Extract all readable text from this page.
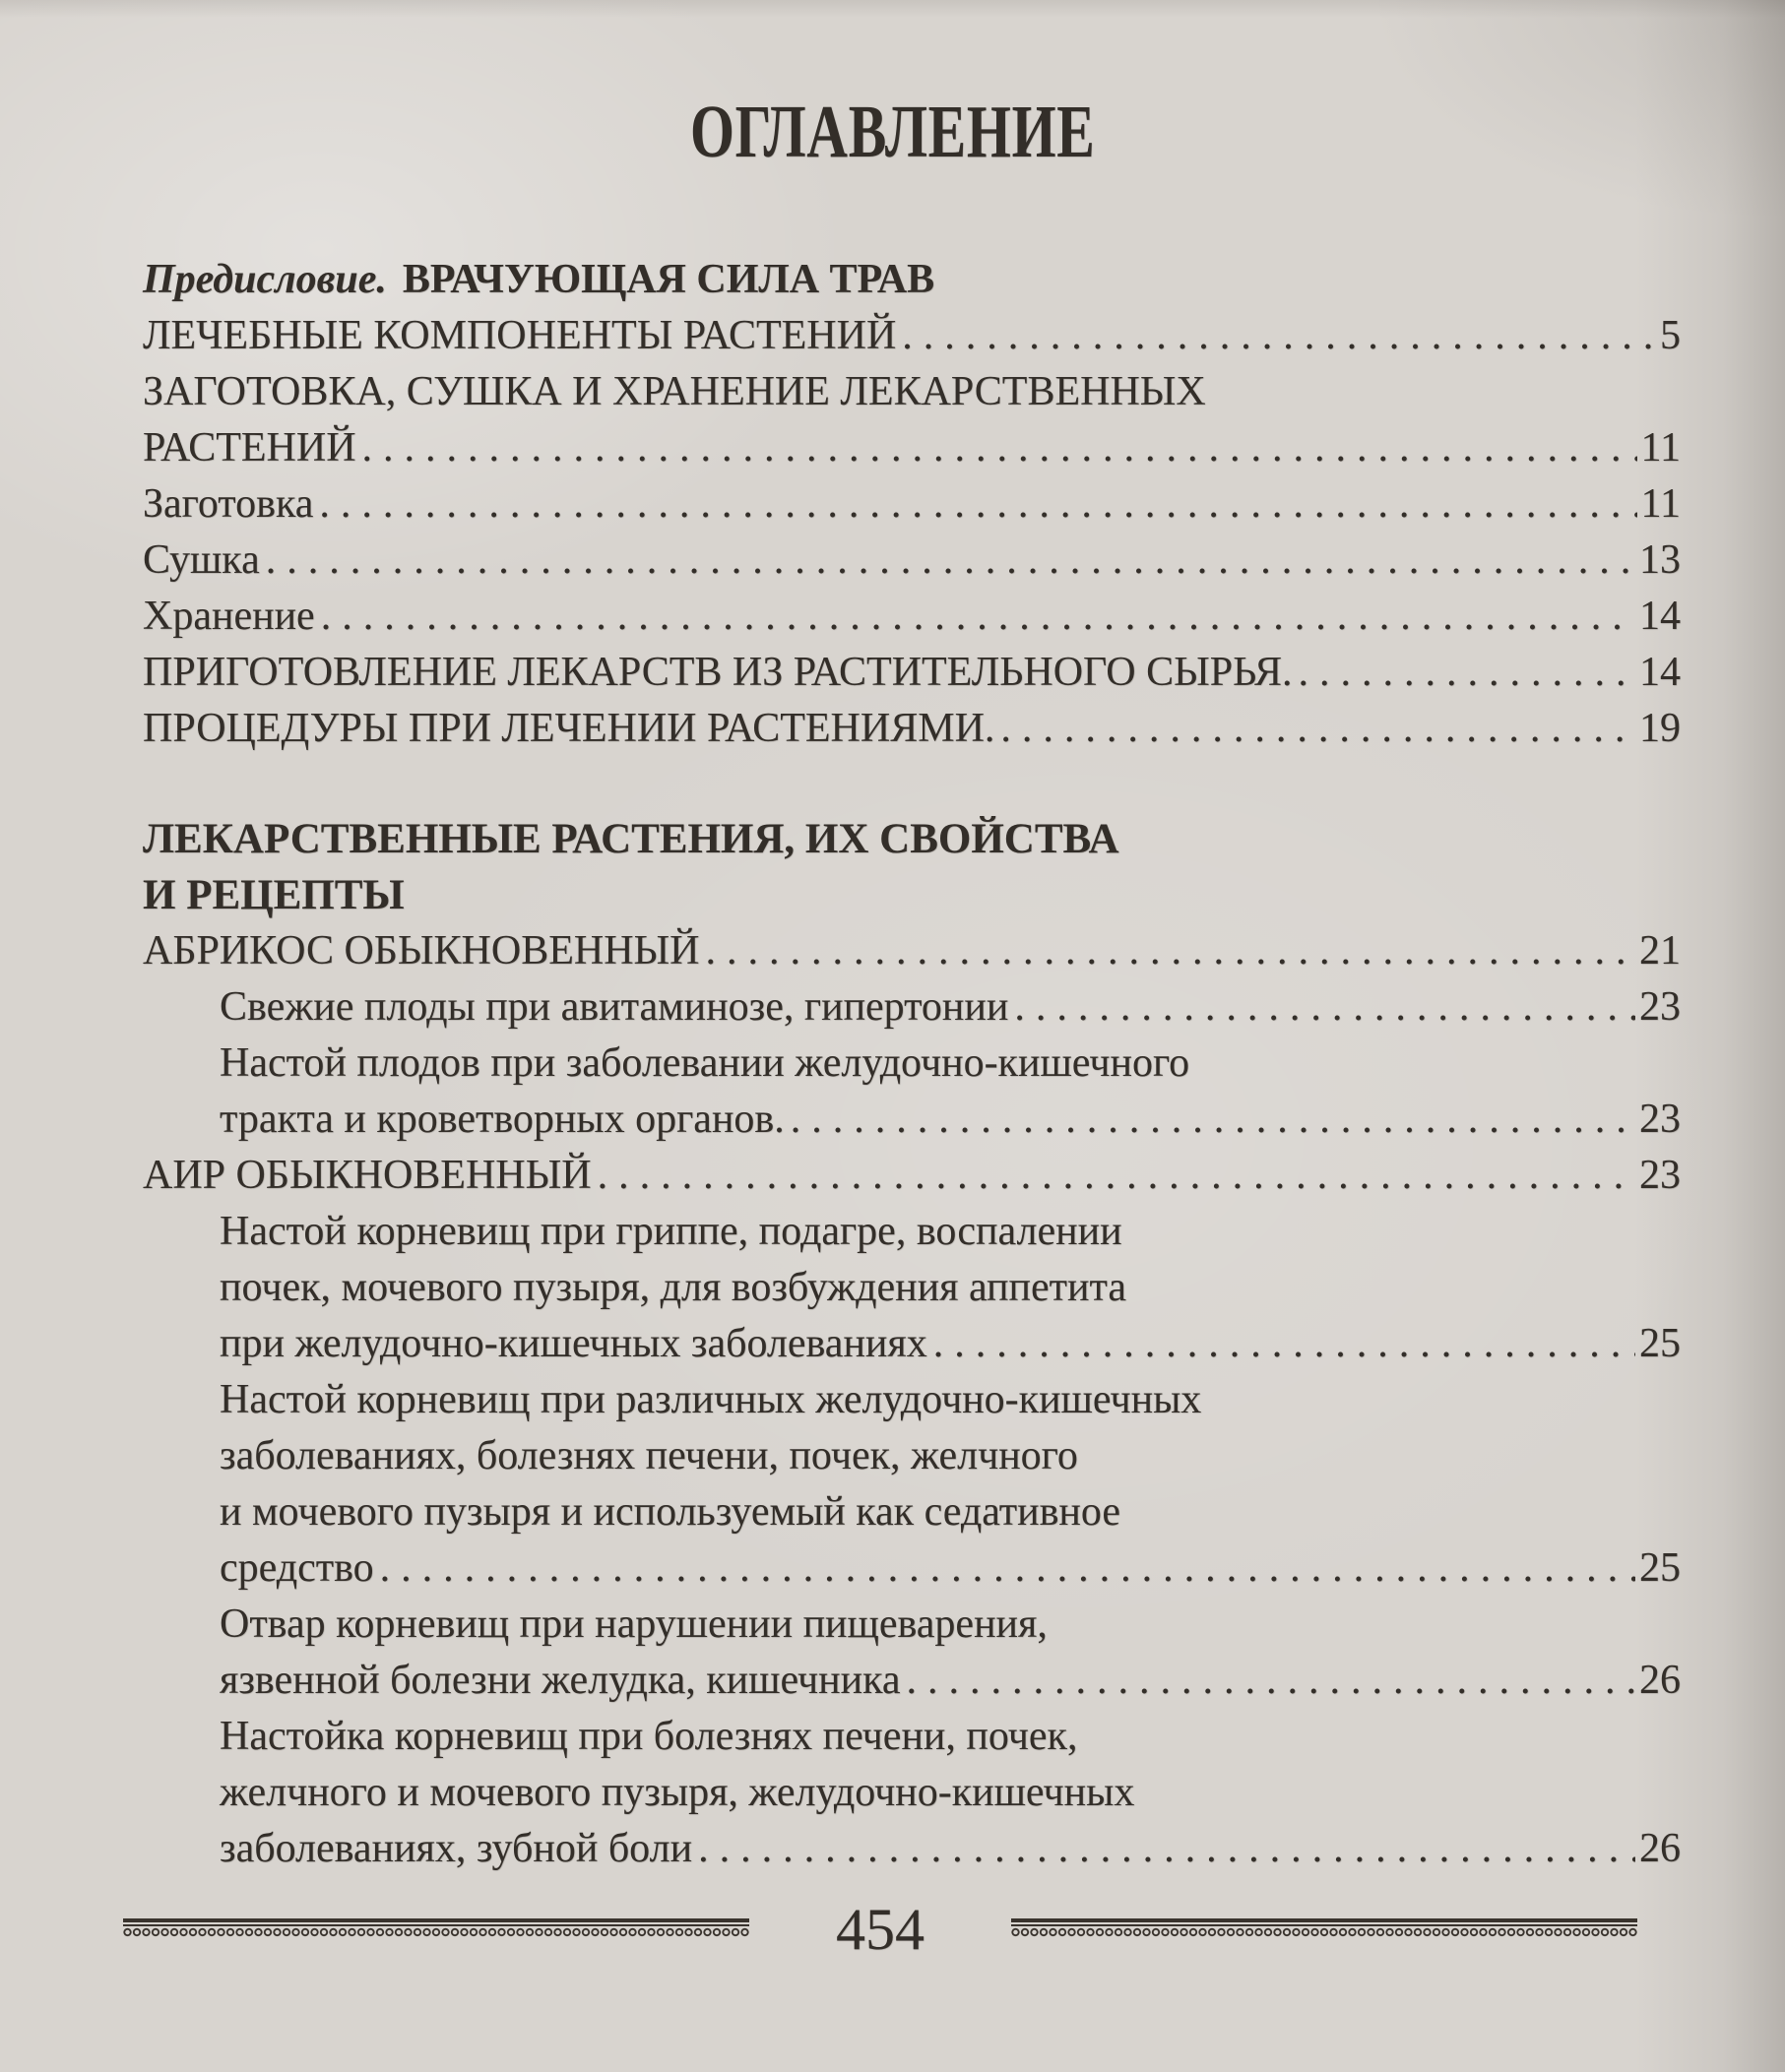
ОГЛАВЛЕНИЕ
Предисловие. ВРАЧУЮЩАЯ СИЛА ТРАВ
ЛЕЧЕБНЫЕ КОМПОНЕНТЫ РАСТЕНИЙ .....	5
ЗАГОТОВКА, СУШКА И ХРАНЕНИЕ ЛЕКАРСТВЕННЫХ
РАСТЕНИЙ .....	11
Заготовка .....	11
Сушка .....	13
Хранение .....	14
ПРИГОТОВЛЕНИЕ ЛЕКАРСТВ ИЗ РАСТИТЕЛЬНОГО СЫРЬЯ. .....	14
ПРОЦЕДУРЫ ПРИ ЛЕЧЕНИИ РАСТЕНИЯМИ. .....	19
ЛЕКАРСТВЕННЫЕ РАСТЕНИЯ, ИХ СВОЙСТВА
И РЕЦЕПТЫ
АБРИКОС ОБЫКНОВЕННЫЙ .....	21
Свежие плоды при авитаминозе, гипертонии .....	23
Настой плодов при заболевании желудочно-кишечного
тракта и кроветворных органов. .....	23
АИР ОБЫКНОВЕННЫЙ .....	23
Настой корневищ при гриппе, подагре, воспалении
почек, мочевого пузыря, для возбуждения аппетита
при желудочно-кишечных заболеваниях .....	25
Настой корневищ при различных желудочно-кишечных
заболеваниях, болезнях печени, почек, желчного
и мочевого пузыря и используемый как седативное
средство .....	25
Отвар корневищ при нарушении пищеварения,
язвенной болезни желудка, кишечника .....	26
Настойка корневищ при болезнях печени, почек,
желчного и мочевого пузыря, желудочно-кишечных
заболеваниях, зубной боли .....	26
454
